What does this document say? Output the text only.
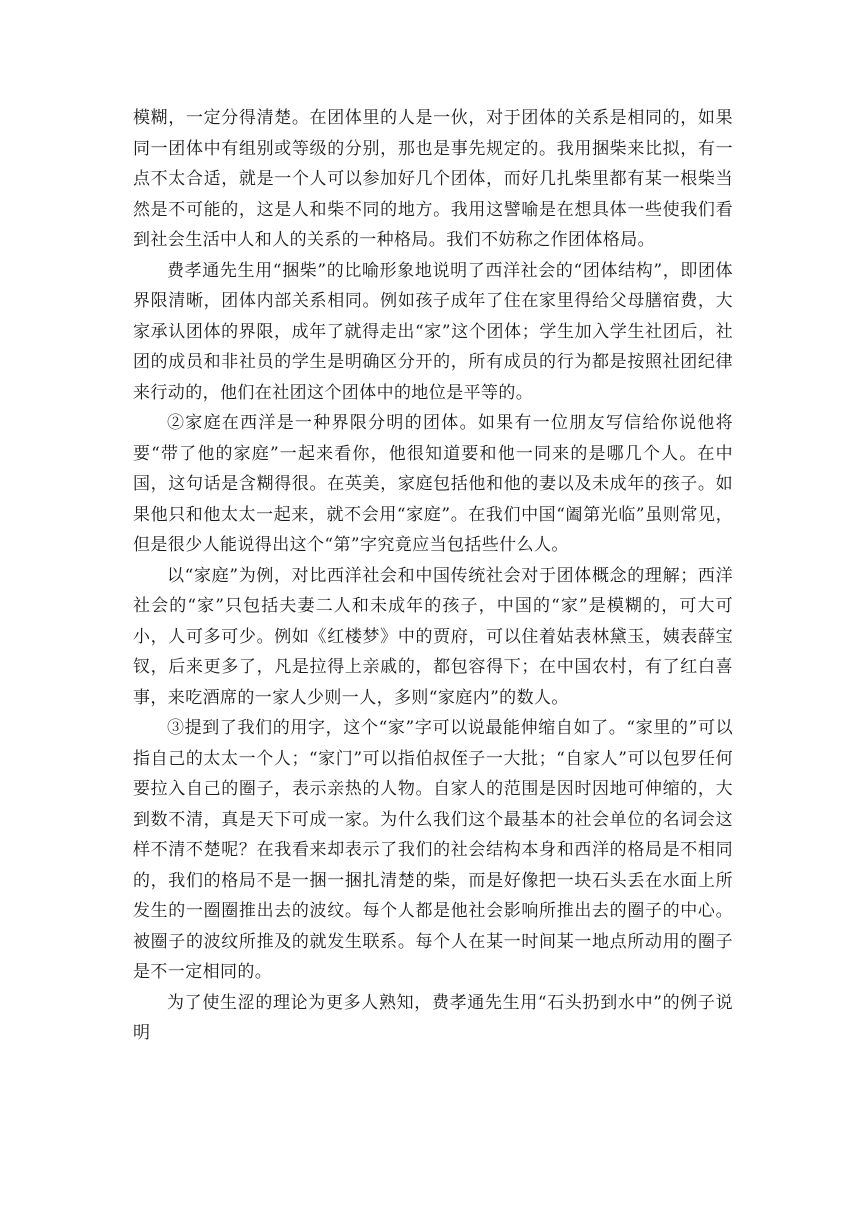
模糊，一定分得清楚。在团体里的人是一伙，对于团体的关系是相同的，如果同一团体中有组别或等级的分别，那也是事先规定的。我用捆柴来比拟，有一点不太合适，就是一个人可以参加好几个团体，而好几扎柴里都有某一根柴当然是不可能的，这是人和柴不同的地方。我用这譬喻是在想具体一些使我们看到社会生活中人和人的关系的一种格局。我们不妨称之作团体格局。

费孝通先生用“捆柴”的比喻形象地说明了西洋社会的“团体结构”，即团体界限清晰，团体内部关系相同。例如孩子成年了住在家里得给父母膳宿费，大家承认团体的界限，成年了就得走出“家”这个团体；学生加入学生社团后，社团的成员和非社员的学生是明确区分开的，所有成员的行为都是按照社团纪律来行动的，他们在社团这个团体中的地位是平等的。

②家庭在西洋是一种界限分明的团体。如果有一位朋友写信给你说他将要“带了他的家庭”一起来看你，他很知道要和他一同来的是哪几个人。在中国，这句话是含糊得很。在英美，家庭包括他和他的妻以及未成年的孩子。如果他只和他太太一起来，就不会用“家庭”。在我们中国“阖第光临”虽则常见，但是很少人能说得出这个“第”字究竟应当包括些什么人。

以“家庭”为例，对比西洋社会和中国传统社会对于团体概念的理解；西洋社会的“家”只包括夫妻二人和未成年的孩子，中国的“家”是模糊的，可大可小，人可多可少。例如《红楼梦》中的贾府，可以住着姑表林黛玉，姨表薛宝钗，后来更多了，凡是拉得上亲戚的，都包容得下；在中国农村，有了红白喜事，来吃酒席的一家人少则一人，多则“家庭内”的数人。

③提到了我们的用字，这个“家”字可以说最能伸缩自如了。“家里的”可以指自己的太太一个人；“家门”可以指伯叔侄子一大批；“自家人”可以包罗任何要拉入自己的圈子，表示亲热的人物。自家人的范围是因时因地可伸缩的，大到数不清，真是天下可成一家。为什么我们这个最基本的社会单位的名词会这样不清不楚呢？在我看来却表示了我们的社会结构本身和西洋的格局是不相同的，我们的格局不是一捆一捆扎清楚的柴，而是好像把一块石头丢在水面上所发生的一圈圈推出去的波纹。每个人都是他社会影响所推出去的圈子的中心。被圈子的波纹所推及的就发生联系。每个人在某一时间某一地点所动用的圈子是不一定相同的。

为了使生涩的理论为更多人熟知，费孝通先生用“石头扔到水中”的例子说明
